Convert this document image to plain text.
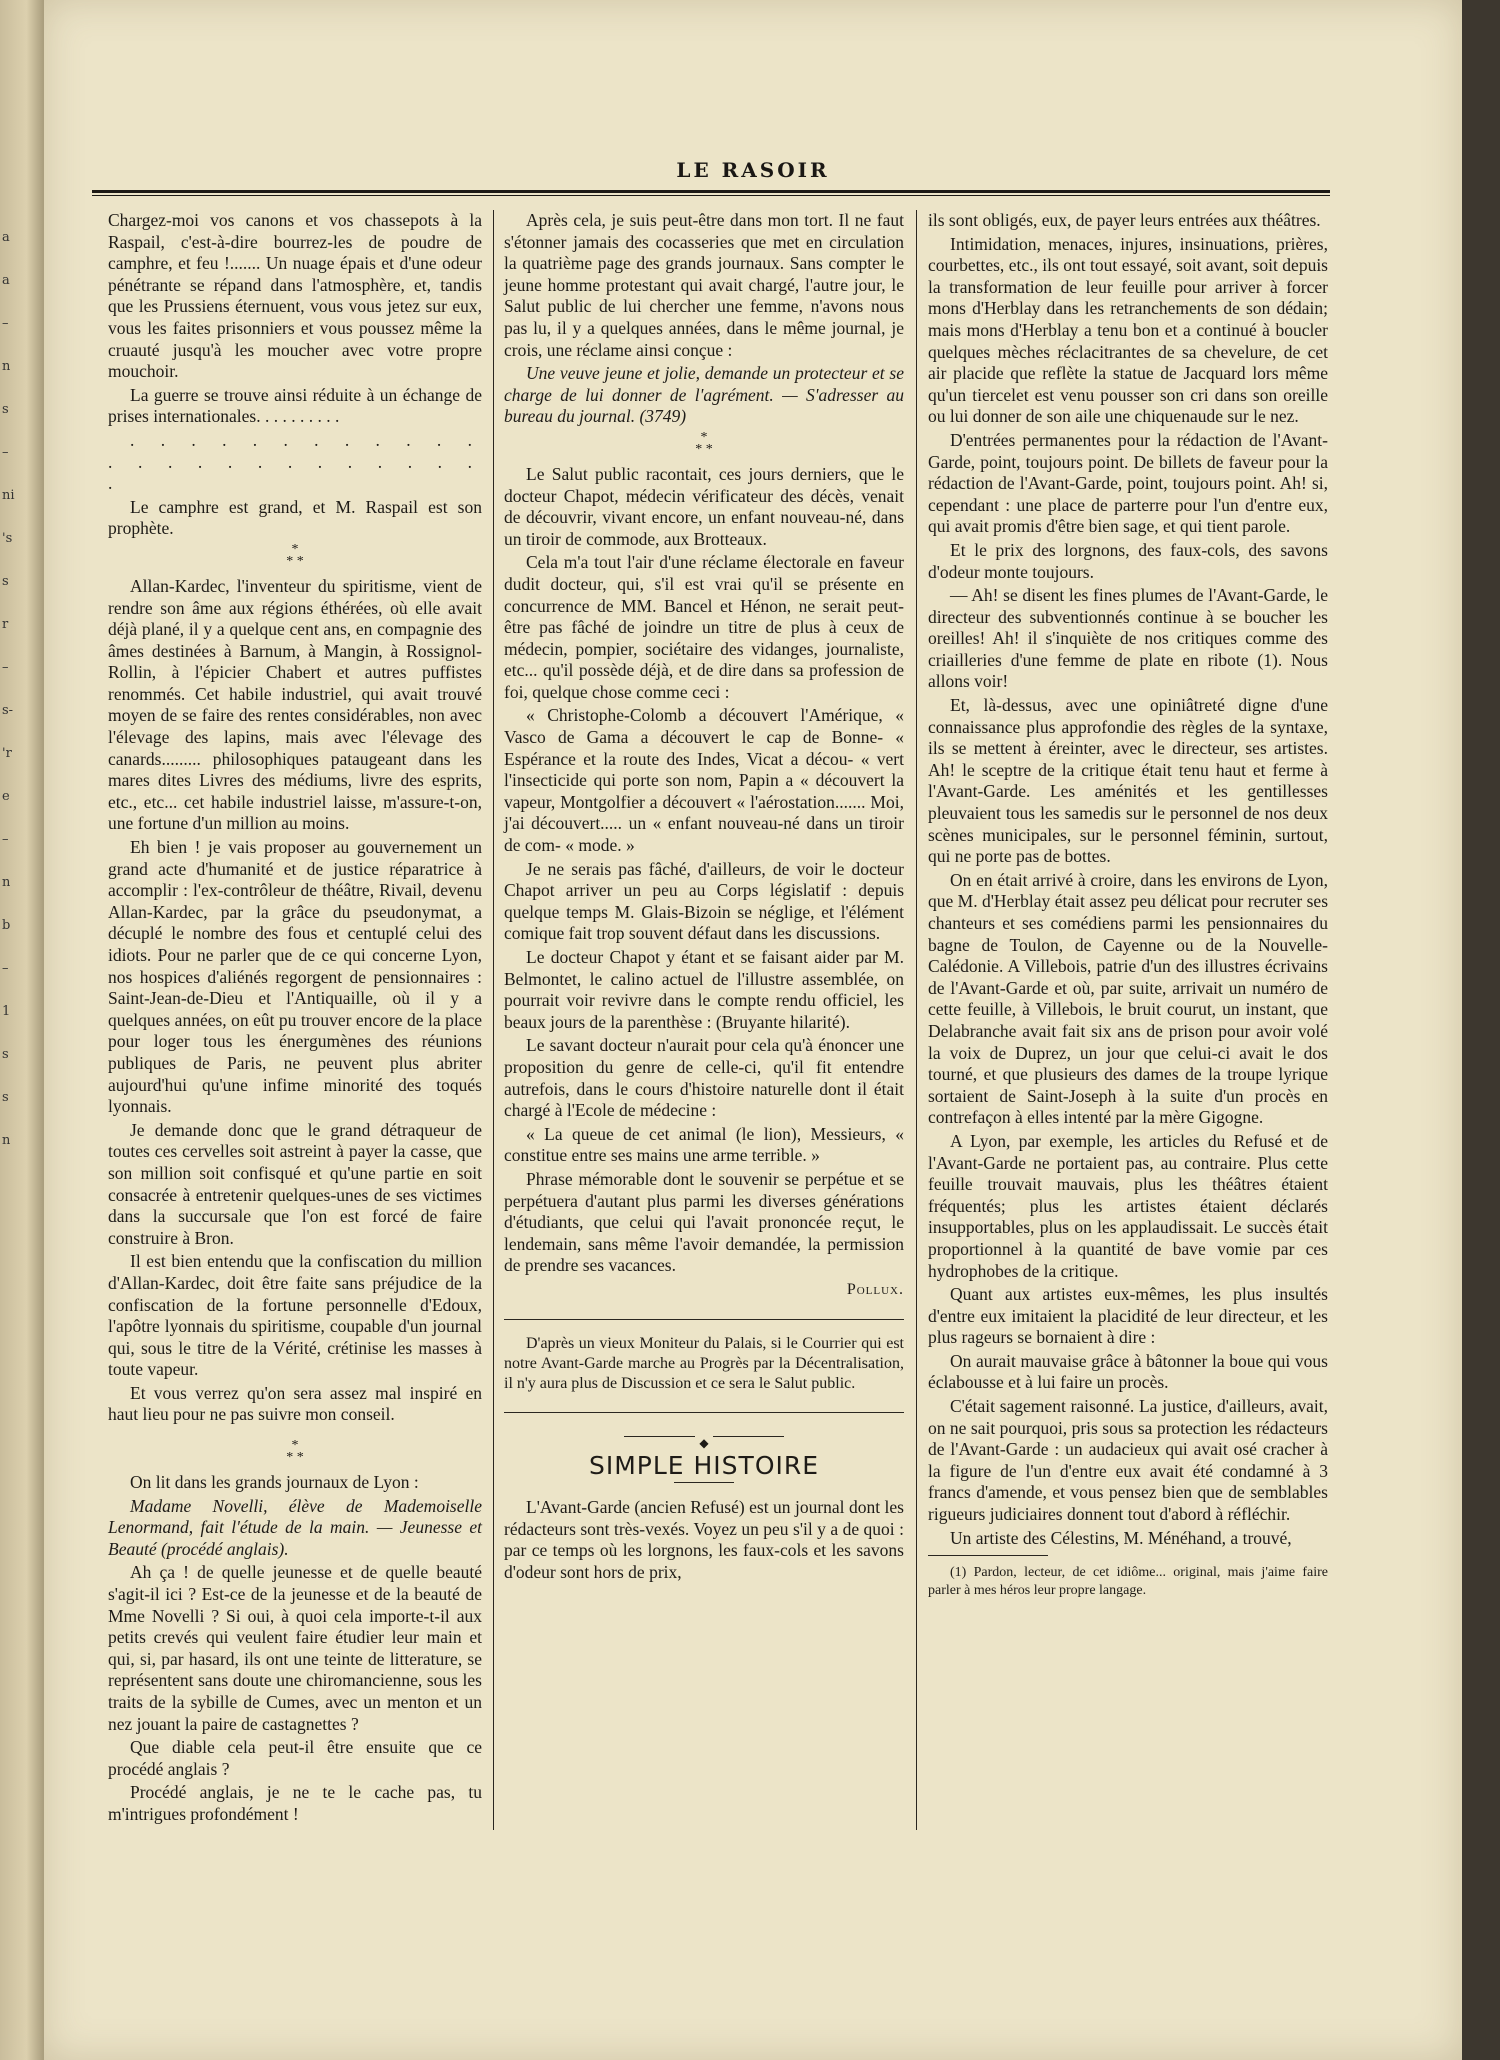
a
a
–
n
s
–
ni
's
s
r
–
s-
'r
e
–
n
b
–
1
s
s
n
LE RASOIR

Chargez-moi vos canons et vos chassepots à la Raspail, c'est-à-dire bourrez-les de poudre de camphre, et feu !....... Un nuage épais et d'une odeur pénétrante se répand dans l'atmosphère, et, tandis que les Prussiens éternuent, vous vous jetez sur eux, vous les faites prisonniers et vous poussez même la cruauté jusqu'à les moucher avec votre propre mouchoir.

La guerre se trouve ainsi réduite à un échange de prises internationales. . . . . . . . . .

. . . . . . . . . . . . . . . . . . . . . . . . . .

Le camphre est grand, et M. Raspail est son prophète.

*
* *

Allan-Kardec, l'inventeur du spiritisme, vient de rendre son âme aux régions éthérées, où elle avait déjà plané, il y a quelque cent ans, en compagnie des âmes destinées à Barnum, à Mangin, à Rossignol-Rollin, à l'épicier Chabert et autres puffistes renommés. Cet habile industriel, qui avait trouvé moyen de se faire des rentes considérables, non avec l'élevage des lapins, mais avec l'élevage des canards......... philosophiques pataugeant dans les mares dites Livres des médiums, livre des esprits, etc., etc... cet habile industriel laisse, m'assure-t-on, une fortune d'un million au moins.

Eh bien ! je vais proposer au gouvernement un grand acte d'humanité et de justice réparatrice à accomplir : l'ex-contrôleur de théâtre, Rivail, devenu Allan-Kardec, par la grâce du pseudonymat, a décuplé le nombre des fous et centuplé celui des idiots. Pour ne parler que de ce qui concerne Lyon, nos hospices d'aliénés regorgent de pensionnaires : Saint-Jean-de-Dieu et l'Antiquaille, où il y a quelques années, on eût pu trouver encore de la place pour loger tous les énergumènes des réunions publiques de Paris, ne peuvent plus abriter aujourd'hui qu'une infime minorité des toqués lyonnais.

Je demande donc que le grand détraqueur de toutes ces cervelles soit astreint à payer la casse, que son million soit confisqué et qu'une partie en soit consacrée à entretenir quelques-unes de ses victimes dans la succursale que l'on est forcé de faire construire à Bron.

Il est bien entendu que la confiscation du million d'Allan-Kardec, doit être faite sans préjudice de la confiscation de la fortune personnelle d'Edoux, l'apôtre lyonnais du spiritisme, coupable d'un journal qui, sous le titre de la Vérité, crétinise les masses à toute vapeur.

Et vous verrez qu'on sera assez mal inspiré en haut lieu pour ne pas suivre mon conseil.

*
* *

On lit dans les grands journaux de Lyon :

Madame Novelli, élève de Mademoiselle Lenormand, fait l'étude de la main. — Jeunesse et Beauté (procédé anglais).

Ah ça ! de quelle jeunesse et de quelle beauté s'agit-il ici ? Est-ce de la jeunesse et de la beauté de Mme Novelli ? Si oui, à quoi cela importe-t-il aux petits crevés qui veulent faire étudier leur main et qui, si, par hasard, ils ont une teinte de litterature, se représentent sans doute une chiromancienne, sous les traits de la sybille de Cumes, avec un menton et un nez jouant la paire de castagnettes ?

Que diable cela peut-il être ensuite que ce procédé anglais ?

Procédé anglais, je ne te le cache pas, tu m'intrigues profondément !

Après cela, je suis peut-être dans mon tort. Il ne faut s'étonner jamais des cocasseries que met en circulation la quatrième page des grands journaux. Sans compter le jeune homme protestant qui avait chargé, l'autre jour, le Salut public de lui chercher une femme, n'avons nous pas lu, il y a quelques années, dans le même journal, je crois, une réclame ainsi conçue :

Une veuve jeune et jolie, demande un protecteur et se charge de lui donner de l'agrément. — S'adresser au bureau du journal. (3749)

*
* *

Le Salut public racontait, ces jours derniers, que le docteur Chapot, médecin vérificateur des décès, venait de découvrir, vivant encore, un enfant nouveau-né, dans un tiroir de commode, aux Brotteaux.

Cela m'a tout l'air d'une réclame électorale en faveur dudit docteur, qui, s'il est vrai qu'il se présente en concurrence de MM. Bancel et Hénon, ne serait peut-être pas fâché de joindre un titre de plus à ceux de médecin, pompier, sociétaire des vidanges, journaliste, etc... qu'il possède déjà, et de dire dans sa profession de foi, quelque chose comme ceci :

« Christophe-Colomb a découvert l'Amérique, « Vasco de Gama a découvert le cap de Bonne- « Espérance et la route des Indes, Vicat a décou- « vert l'insecticide qui porte son nom, Papin a « découvert la vapeur, Montgolfier a découvert « l'aérostation....... Moi, j'ai découvert..... un « enfant nouveau-né dans un tiroir de com- « mode. »

Je ne serais pas fâché, d'ailleurs, de voir le docteur Chapot arriver un peu au Corps législatif : depuis quelque temps M. Glais-Bizoin se néglige, et l'élément comique fait trop souvent défaut dans les discussions.

Le docteur Chapot y étant et se faisant aider par M. Belmontet, le calino actuel de l'illustre assemblée, on pourrait voir revivre dans le compte rendu officiel, les beaux jours de la parenthèse : (Bruyante hilarité).

Le savant docteur n'aurait pour cela qu'à énoncer une proposition du genre de celle-ci, qu'il fit entendre autrefois, dans le cours d'histoire naturelle dont il était chargé à l'Ecole de médecine :

« La queue de cet animal (le lion), Messieurs, « constitue entre ses mains une arme terrible. »

Phrase mémorable dont le souvenir se perpétue et se perpétuera d'autant plus parmi les diverses générations d'étudiants, que celui qui l'avait prononcée reçut, le lendemain, sans même l'avoir demandée, la permission de prendre ses vacances.

Pollux.

D'après un vieux Moniteur du Palais, si le Courrier qui est notre Avant-Garde marche au Progrès par la Décentralisation, il n'y aura plus de Discussion et ce sera le Salut public.

◆
SIMPLE HISTOIRE

L'Avant-Garde (ancien Refusé) est un journal dont les rédacteurs sont très-vexés. Voyez un peu s'il y a de quoi : par ce temps où les lorgnons, les faux-cols et les savons d'odeur sont hors de prix,

ils sont obligés, eux, de payer leurs entrées aux théâtres.

Intimidation, menaces, injures, insinuations, prières, courbettes, etc., ils ont tout essayé, soit avant, soit depuis la transformation de leur feuille pour arriver à forcer mons d'Herblay dans les retranchements de son dédain; mais mons d'Herblay a tenu bon et a continué à boucler quelques mèches réclacitrantes de sa chevelure, de cet air placide que reflète la statue de Jacquard lors même qu'un tiercelet est venu pousser son cri dans son oreille ou lui donner de son aile une chiquenaude sur le nez.

D'entrées permanentes pour la rédaction de l'Avant-Garde, point, toujours point. De billets de faveur pour la rédaction de l'Avant-Garde, point, toujours point. Ah! si, cependant : une place de parterre pour l'un d'entre eux, qui avait promis d'être bien sage, et qui tient parole.

Et le prix des lorgnons, des faux-cols, des savons d'odeur monte toujours.

— Ah! se disent les fines plumes de l'Avant-Garde, le directeur des subventionnés continue à se boucher les oreilles! Ah! il s'inquiète de nos critiques comme des criailleries d'une femme de plate en ribote (1). Nous allons voir!

Et, là-dessus, avec une opiniâtreté digne d'une connaissance plus approfondie des règles de la syntaxe, ils se mettent à éreinter, avec le directeur, ses artistes. Ah! le sceptre de la critique était tenu haut et ferme à l'Avant-Garde. Les aménités et les gentillesses pleuvaient tous les samedis sur le personnel de nos deux scènes municipales, sur le personnel féminin, surtout, qui ne porte pas de bottes.

On en était arrivé à croire, dans les environs de Lyon, que M. d'Herblay était assez peu délicat pour recruter ses chanteurs et ses comédiens parmi les pensionnaires du bagne de Toulon, de Cayenne ou de la Nouvelle-Calédonie. A Villebois, patrie d'un des illustres écrivains de l'Avant-Garde et où, par suite, arrivait un numéro de cette feuille, à Villebois, le bruit courut, un instant, que Delabranche avait fait six ans de prison pour avoir volé la voix de Duprez, un jour que celui-ci avait le dos tourné, et que plusieurs des dames de la troupe lyrique sortaient de Saint-Joseph à la suite d'un procès en contrefaçon à elles intenté par la mère Gigogne.

A Lyon, par exemple, les articles du Refusé et de l'Avant-Garde ne portaient pas, au contraire. Plus cette feuille trouvait mauvais, plus les théâtres étaient fréquentés; plus les artistes étaient déclarés insupportables, plus on les applaudissait. Le succès était proportionnel à la quantité de bave vomie par ces hydrophobes de la critique.

Quant aux artistes eux-mêmes, les plus insultés d'entre eux imitaient la placidité de leur directeur, et les plus rageurs se bornaient à dire :

On aurait mauvaise grâce à bâtonner la boue qui vous éclabousse et à lui faire un procès.

C'était sagement raisonné. La justice, d'ailleurs, avait, on ne sait pourquoi, pris sous sa protection les rédacteurs de l'Avant-Garde : un audacieux qui avait osé cracher à la figure de l'un d'entre eux avait été condamné à 3 francs d'amende, et vous pensez bien que de semblables rigueurs judiciaires donnent tout d'abord à réfléchir.

Un artiste des Célestins, M. Ménéhand, a trouvé,

(1) Pardon, lecteur, de cet idiôme... original, mais j'aime faire parler à mes héros leur propre langage.
